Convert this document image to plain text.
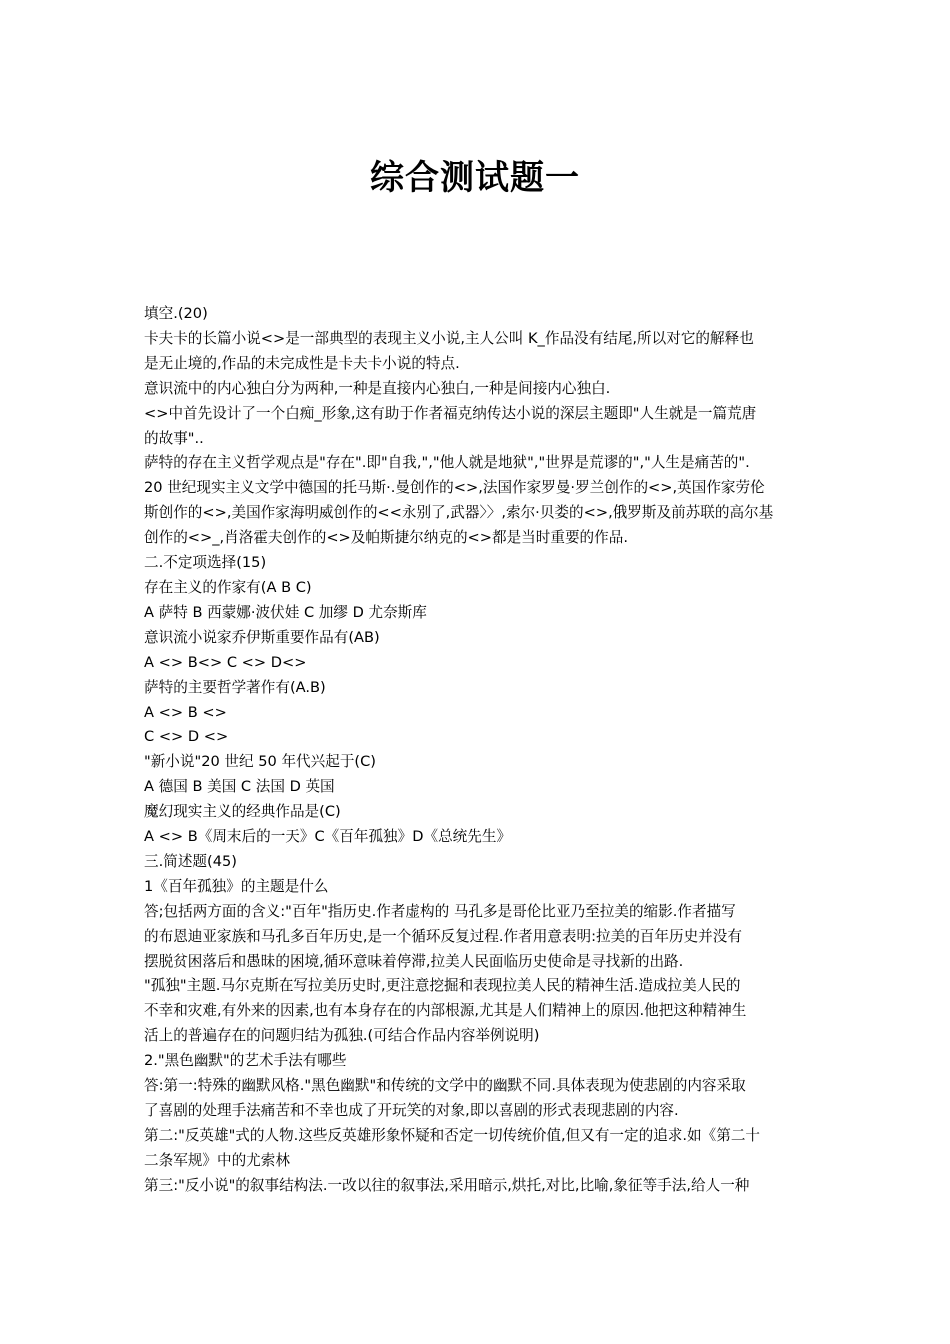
综合测试题一
填空.(20)
卡夫卡的长篇小说<>是一部典型的表现主义小说,主人公叫 K_作品没有结尾,所以对它的解释也
是无止境的,作品的未完成性是卡夫卡小说的特点.
意识流中的内心独白分为两种,一种是直接内心独白,一种是间接内心独白.
<>中首先设计了一个白痴_形象,这有助于作者福克纳传达小说的深层主题即"人生就是一篇荒唐
的故事"..
萨特的存在主义哲学观点是"存在".即"自我,","他人就是地狱","世界是荒谬的","人生是痛苦的".
20 世纪现实主义文学中德国的托马斯·.曼创作的<>,法国作家罗曼·罗兰创作的<>,英国作家劳伦
斯创作的<>,美国作家海明威创作的<<永别了,武器〉〉,索尔·贝娄的<>,俄罗斯及前苏联的高尔基
创作的<>_,肖洛霍夫创作的<>及帕斯捷尔纳克的<>都是当时重要的作品.
二.不定项选择(15)
存在主义的作家有(A B C)
A 萨特 B 西蒙娜·波伏娃 C 加缪 D 尤奈斯库
意识流小说家乔伊斯重要作品有(AB)
A <> B<> C <> D<>
萨特的主要哲学著作有(A.B)
A <> B <>
C <> D <>
"新小说"20 世纪 50 年代兴起于(C)
A 德国 B 美国 C 法国 D 英国
魔幻现实主义的经典作品是(C)
A <> B《周末后的一天》C《百年孤独》D《总统先生》
三.简述题(45)
1《百年孤独》的主题是什么
答;包括两方面的含义:"百年"指历史.作者虚构的 马孔多是哥伦比亚乃至拉美的缩影.作者描写
的布恩迪亚家族和马孔多百年历史,是一个循环反复过程.作者用意表明:拉美的百年历史并没有
摆脱贫困落后和愚昧的困境,循环意味着停滞,拉美人民面临历史使命是寻找新的出路.
"孤独"主题.马尔克斯在写拉美历史时,更注意挖掘和表现拉美人民的精神生活.造成拉美人民的
不幸和灾难,有外来的因素,也有本身存在的内部根源,尤其是人们精神上的原因.他把这种精神生
活上的普遍存在的问题归结为孤独.(可结合作品内容举例说明)
2."黑色幽默"的艺术手法有哪些
答:第一:特殊的幽默风格."黑色幽默"和传统的文学中的幽默不同.具体表现为使悲剧的内容采取
了喜剧的处理手法痛苦和不幸也成了开玩笑的对象,即以喜剧的形式表现悲剧的内容.
第二:"反英雄"式的人物.这些反英雄形象怀疑和否定一切传统价值,但又有一定的追求.如《第二十
二条军规》中的尤索林
第三:"反小说"的叙事结构法.一改以往的叙事法,采用暗示,烘托,对比,比喻,象征等手法,给人一种
